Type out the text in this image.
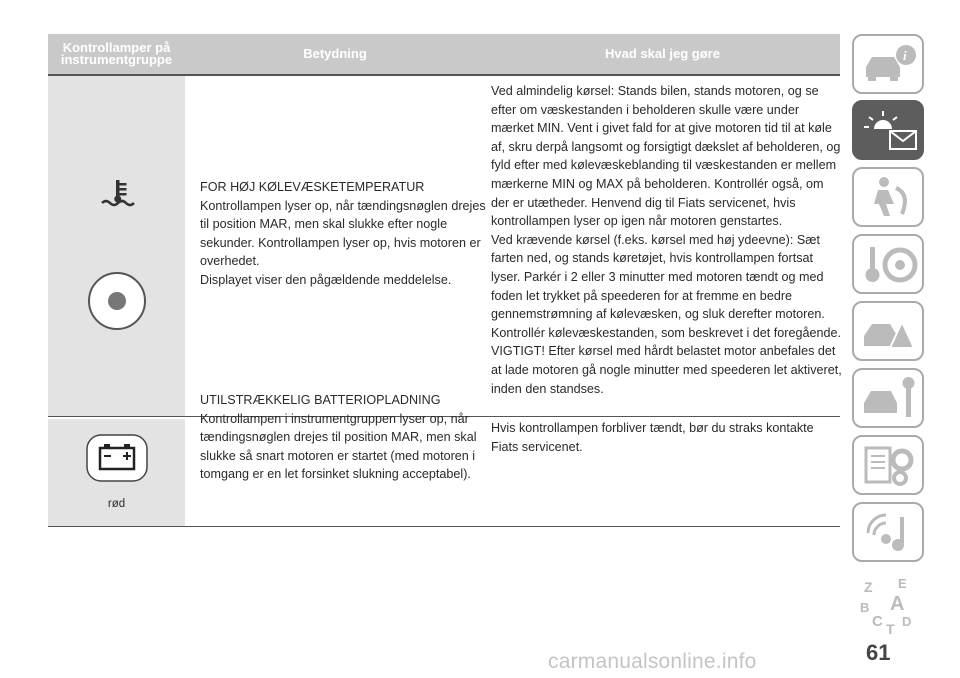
Kontrollamper på instrumentgruppe	Betydning	Hvad skal jeg gøre
FOR HØJ KØLEVÆSKETEMPERATUR
Kontrollampen lyser op, når tændingsnøglen drejes til position MAR, men skal slukke efter nogle sekunder. Kontrollampen lyser op, hvis motoren er overhedet.
Displayet viser den pågældende meddelelse.
Ved almindelig kørsel: Stands bilen, stands motoren, og se efter om væskestanden i beholderen skulle være under mærket MIN. Vent i givet fald for at give motoren tid til at køle af, skru derpå langsomt og forsigtigt dækslet af beholderen, og fyld efter med kølevæskeblanding til væskestanden er mellem mærkerne MIN og MAX på beholderen. Kontrollér også, om der er utætheder. Henvend dig til Fiats servicenet, hvis kontrollampen lyser op igen når motoren genstartes.
Ved krævende kørsel (f.eks. kørsel med høj ydeevne): Sæt farten ned, og stands køretøjet, hvis kontrollampen fortsat lyser. Parkér i 2 eller 3 minutter med motoren tændt og med foden let trykket på speederen for at fremme en bedre gennemstrømning af kølevæsken, og sluk derefter motoren. Kontrollér kølevæskestanden, som beskrevet i det foregående.
VIGTIGT! Efter kørsel med hårdt belastet motor anbefales det at lade motoren gå nogle minutter med speederen let aktiveret, inden den standses.
rød
UTILSTRÆKKELIG BATTERIOPLADNING
Kontrollampen i instrumentgruppen lyser op, når tændingsnøglen drejes til position MAR, men skal slukke så snart motoren er startet (med motoren i tomgang er en let forsinket slukning acceptabel).
Hvis kontrollampen forbliver tændt, bør du straks kontakte Fiats servicenet.
i
Z E
B A
C D
T
61
carmanualsonline.info
